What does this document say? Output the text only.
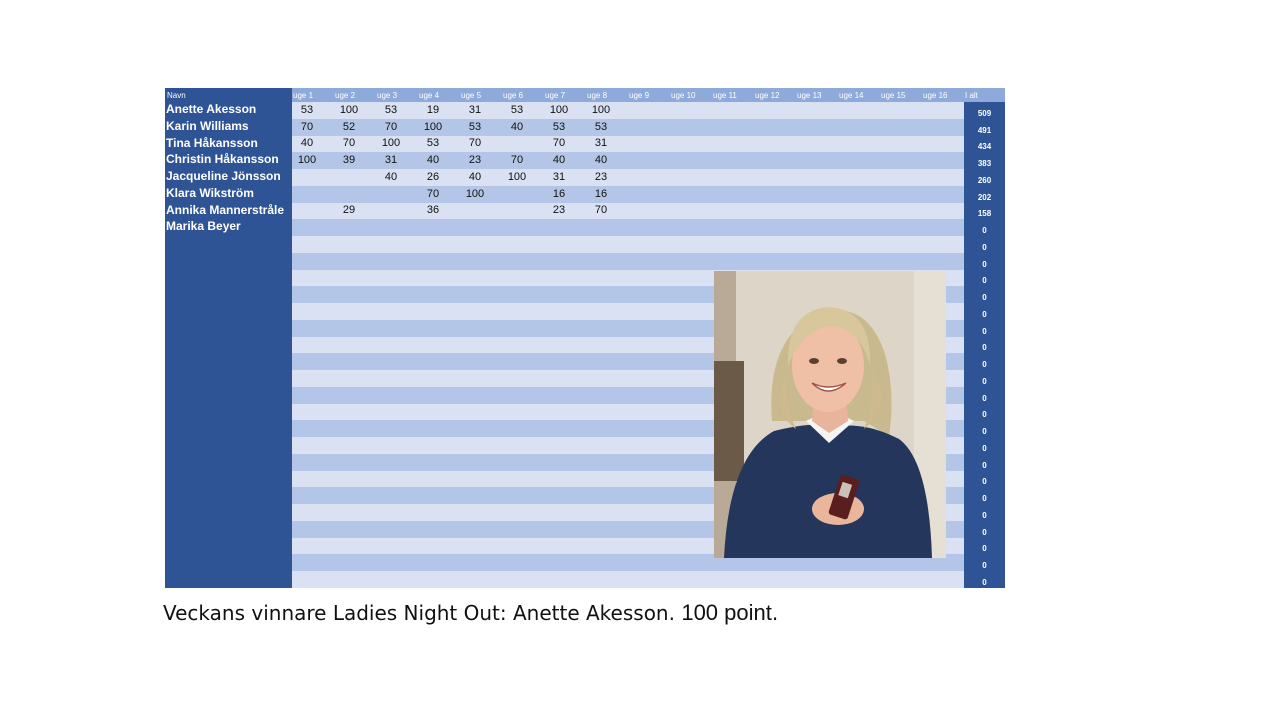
Navn	uge 1	uge 2	uge 3	uge 4	uge 5	uge 6	uge 7	uge 8	uge 9	uge 10	uge 11	uge 12	uge 13	uge 14	uge 15	uge 16	I alt
Anette Akesson	53	100	53	19	31	53	100	100									509
Karin Williams	70	52	70	100	53	40	53	53									491
Tina Håkansson	40	70	100	53	70		70	31									434
Christin Håkansson	100	39	31	40	23	70	40	40									383
Jacqueline Jönsson			40	26	40	100	31	23									260
Klara Wikström				70	100		16	16									202
Annika Mannerstråle		29		36			23	70									158
Marika Beyer																	0
																	0
																	0
																	0
																	0
																	0
																	0
																	0
																	0
																	0
																	0
																	0
																	0
																	0
																	0
																	0
																	0
																	0
																	0
																	0
																	0
																	0
Veckans vinnare Ladies Night Out: Anette Akesson. 100 point.
